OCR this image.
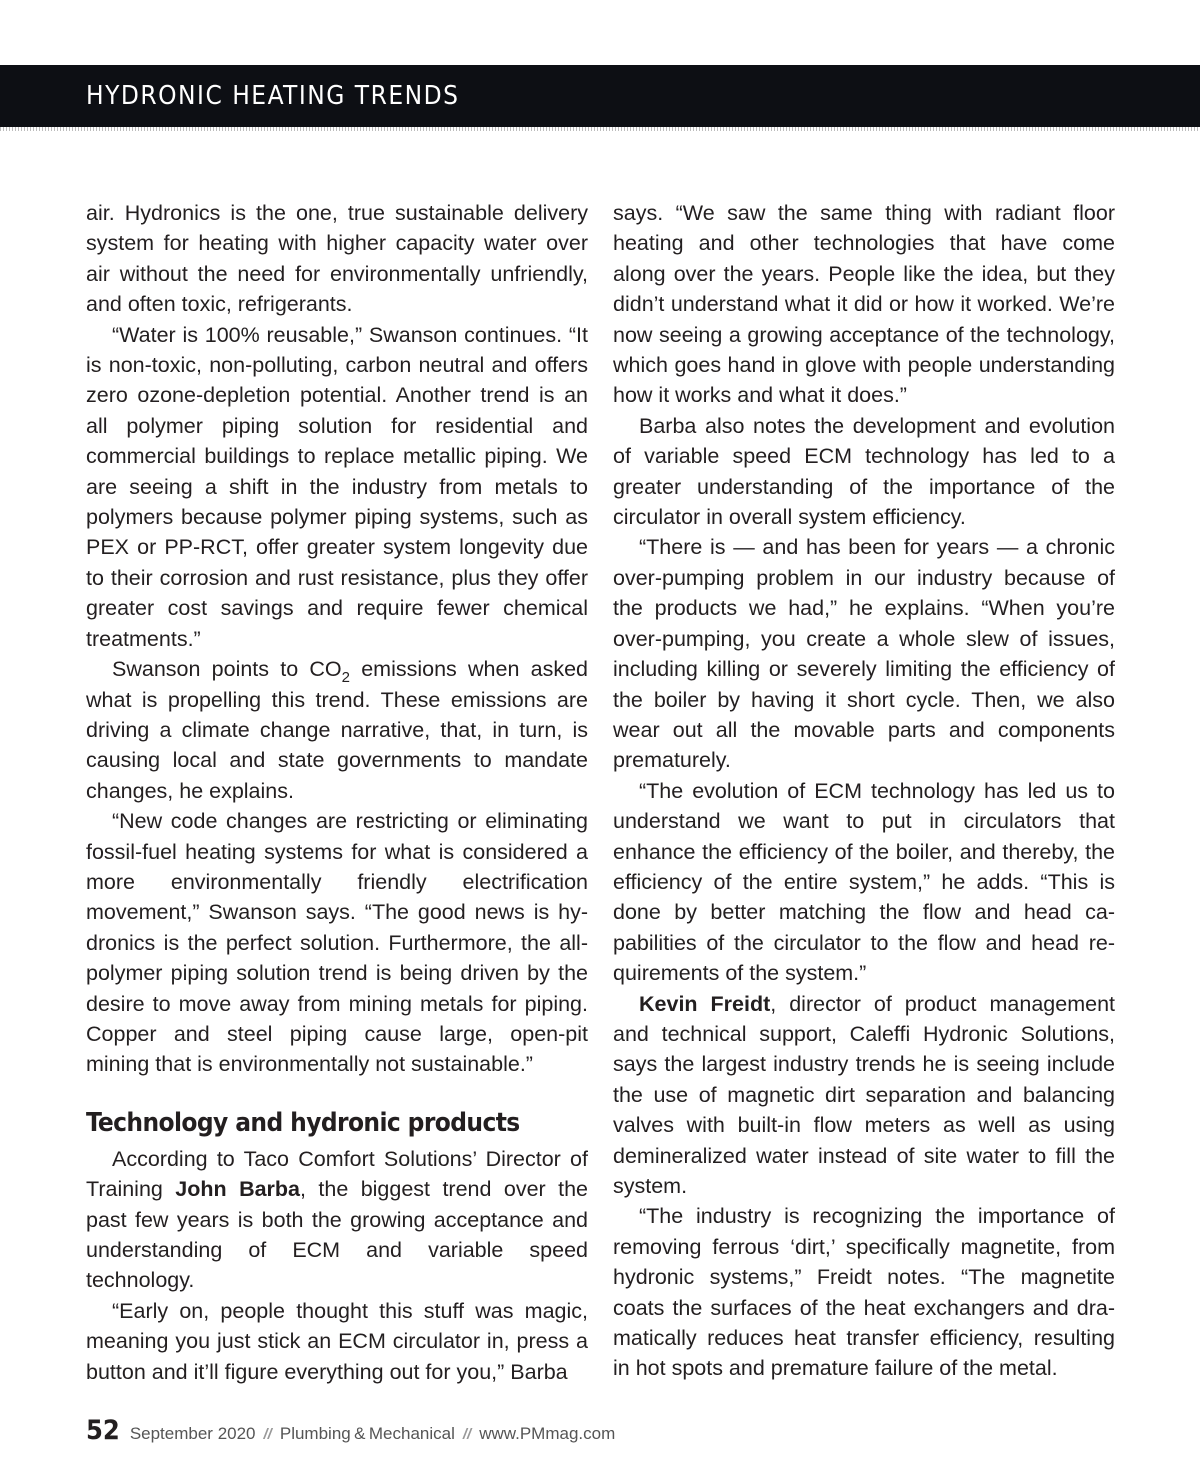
HYDRONIC HEATING TRENDS

air. Hydronics is the one, true sustainable delivery system for heating with higher capacity water over air without the need for environmentally unfriendly, and often toxic, refrigerants.

“Water is 100% reusable,” Swanson continues. “It is non-toxic, non-polluting, carbon neutral and offers zero ozone-depletion potential. Another trend is an all polymer piping solution for residential and commercial buildings to replace metallic piping. We are seeing a shift in the industry from metals to polymers because polymer piping systems, such as PEX or PP-RCT, offer greater system longevity due to their corrosion and rust resistance, plus they offer greater cost savings and require fewer chemical treatments.”

Swanson points to $CO_2$ emissions when asked what is propelling this trend. These emissions are driving a climate change narrative, that, in turn, is causing local and state governments to mandate changes, he explains.

“New code changes are restricting or eliminating fossil-fuel heating systems for what is considered a more environmentally friendly electrification movement,” Swanson says. “The good news is hydronics is the perfect solution. Furthermore, the all-polymer piping solution trend is being driven by the desire to move away from mining metals for piping. Copper and steel piping cause large, open-pit mining that is environmentally not sustainable.”

Technology and hydronic products

According to Taco Comfort Solutions’ Director of Training John Barba, the biggest trend over the past few years is both the growing acceptance and understanding of ECM and variable speed technology.

“Early on, people thought this stuff was magic, meaning you just stick an ECM circulator in, press a button and it’ll figure everything out for you,” Barba

says. “We saw the same thing with radiant floor heating and other technologies that have come along over the years. People like the idea, but they didn’t understand what it did or how it worked. We’re now seeing a growing acceptance of the technology, which goes hand in glove with people understanding how it works and what it does.”

Barba also notes the development and evolution of variable speed ECM technology has led to a greater understanding of the importance of the circulator in overall system efficiency.

“There is — and has been for years — a chronic over-pumping problem in our industry because of the products we had,” he explains. “When you’re over-pumping, you create a whole slew of issues, including killing or severely limiting the efficiency of the boiler by having it short cycle. Then, we also wear out all the movable parts and components prematurely.

“The evolution of ECM technology has led us to understand we want to put in circulators that enhance the efficiency of the boiler, and thereby, the efficiency of the entire system,” he adds. “This is done by better matching the flow and head capabilities of the circulator to the flow and head requirements of the system.”

Kevin Freidt, director of product management and technical support, Caleffi Hydronic Solutions, says the largest industry trends he is seeing include the use of magnetic dirt separation and balancing valves with built-in flow meters as well as using demineralized water instead of site water to fill the system.

“The industry is recognizing the importance of removing ferrous ‘dirt,’ specifically magnetite, from hydronic systems,” Freidt notes. “The magnetite coats the surfaces of the heat exchangers and dramatically reduces heat transfer efficiency, resulting in hot spots and premature failure of the metal.

52 September 2020 // Plumbing & Mechanical // www.PMmag.com
